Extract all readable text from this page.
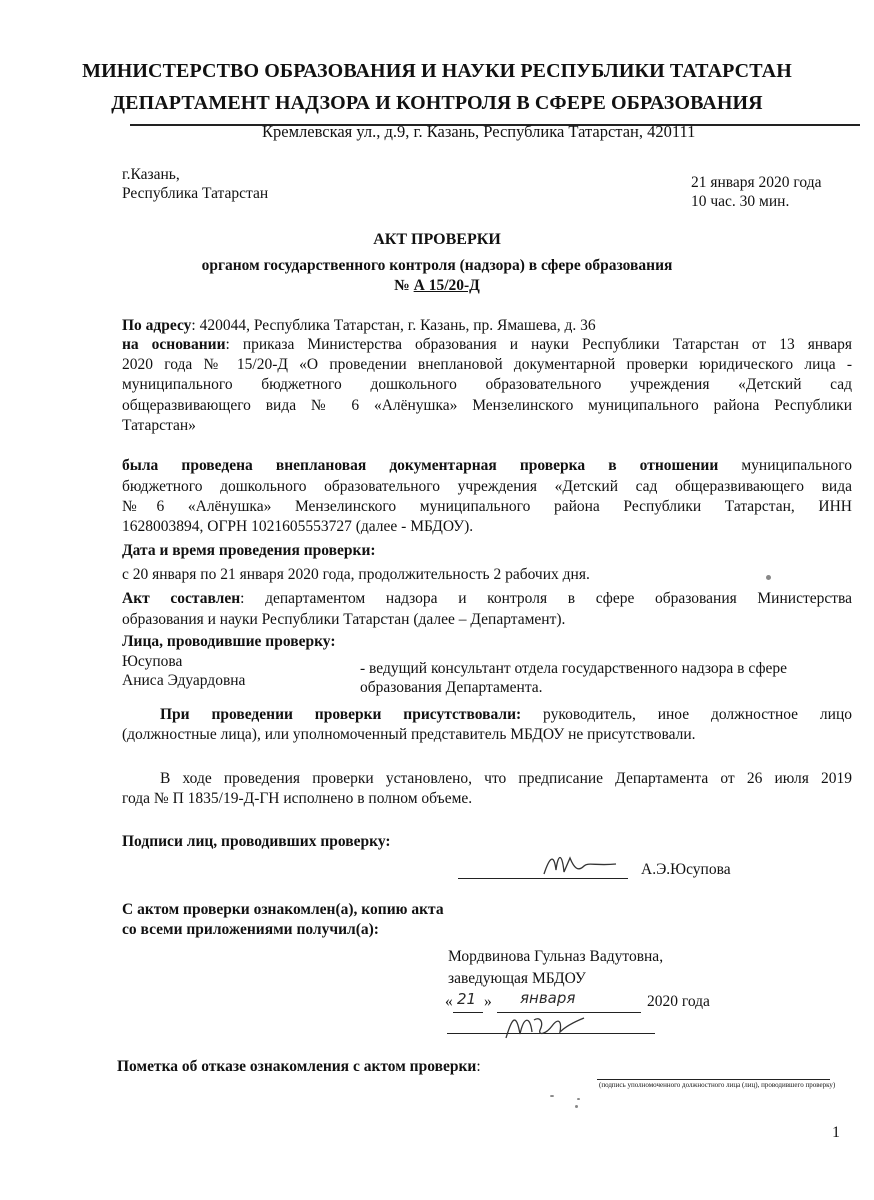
МИНИСТЕРСТВО ОБРАЗОВАНИЯ И НАУКИ РЕСПУБЛИКИ ТАТАРСТАН
ДЕПАРТАМЕНТ НАДЗОРА И КОНТРОЛЯ В СФЕРЕ ОБРАЗОВАНИЯ
Кремлевская ул., д.9, г. Казань, Республика Татарстан, 420111
г.Казань,
Республика Татарстан
21 января 2020 года
10 час. 30 мин.
АКТ ПРОВЕРКИ
органом государственного контроля (надзора) в сфере образования
№ А 15/20-Д
По адресу: 420044, Республика Татарстан, г. Казань, пр. Ямашева, д. 36
на основании: приказа Министерства образования и науки Республики Татарстан от 13 января
2020 года № 15/20-Д «О проведении внеплановой документарной проверки юридического лица -
муниципального бюджетного дошкольного образовательного учреждения «Детский сад
общеразвивающего вида № 6 «Алёнушка» Мензелинского муниципального района Республики
Татарстан»
была проведена внеплановая документарная проверка в отношении муниципального
бюджетного дошкольного образовательного учреждения «Детский сад общеразвивающего вида
№6 «Алёнушка» Мензелинского муниципального района Республики Татарстан, ИНН
1628003894, ОГРН 1021605553727 (далее - МБДОУ).
Дата и время проведения проверки:
с 20 января по 21 января 2020 года, продолжительность 2 рабочих дня.
Акт составлен: департаментом надзора и контроля в сфере образования Министерства
образования и науки Республики Татарстан (далее – Департамент).
Лица, проводившие проверку:
Юсупова
Аниса Эдуардовна
- ведущий консультант отдела государственного надзора в сфере
образования Департамента.
При проведении проверки присутствовали: руководитель, иное должностное лицо
(должностные лица), или уполномоченный представитель МБДОУ не присутствовали.
В ходе проведения проверки установлено, что предписание Департамента от 26 июля 2019
года № П 1835/19-Д-ГН исполнено в полном объеме.
Подписи лиц, проводивших проверку:
А.Э.Юсупова
С актом проверки ознакомлен(а), копию акта
со всеми приложениями получил(а):
Мордвинова Гульназ Вадутовна,
заведующая МБДОУ
« 21 » января	2020 года
Пометка об отказе ознакомления с актом проверки:
(подпись уполномоченного должностного лица (лиц), проводившего проверку)
1
